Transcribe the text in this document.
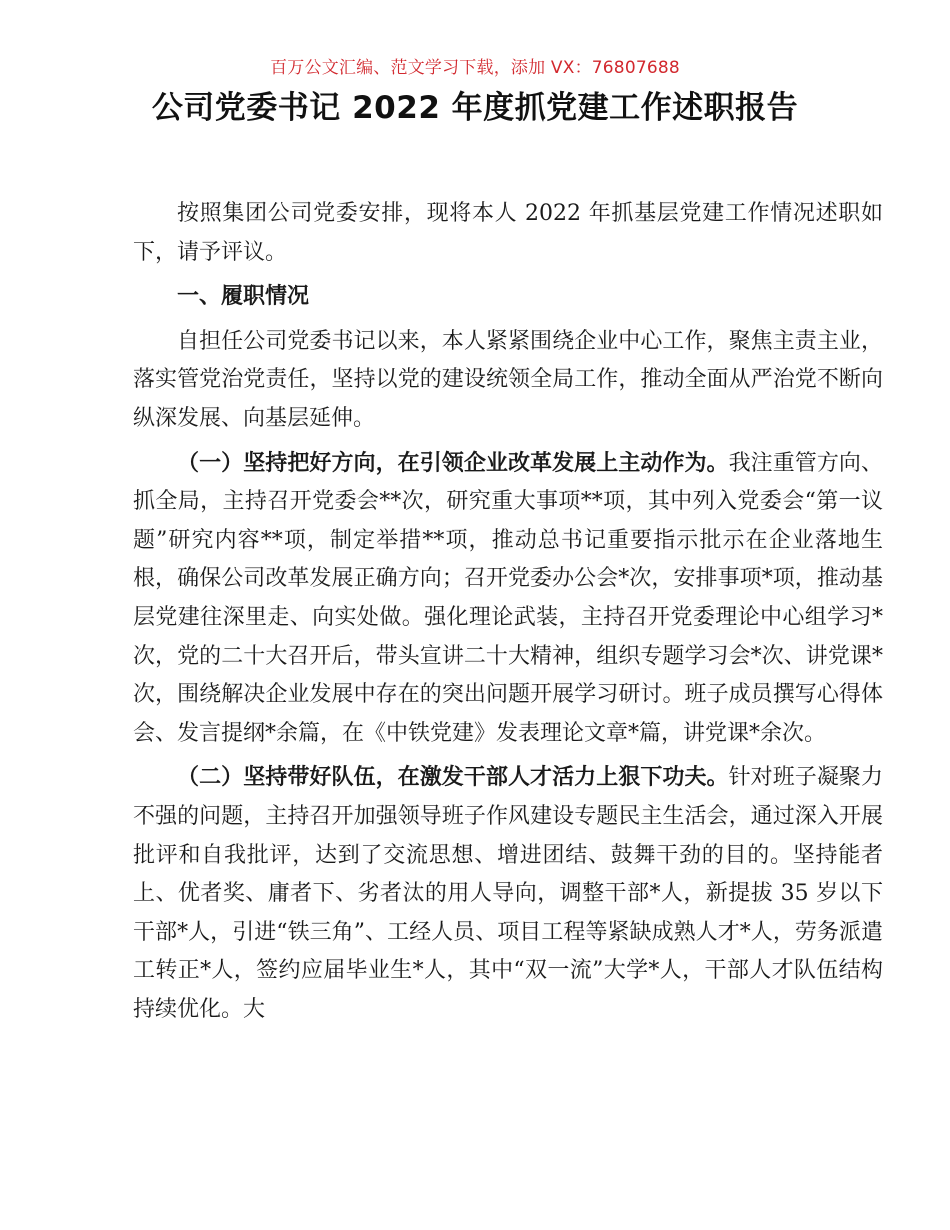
百万公文汇编、范文学习下载，添加 VX：76807688
公司党委书记 2022 年度抓党建工作述职报告

按照集团公司党委安排，现将本人 2022 年抓基层党建工作情况述职如下，请予评议。

一、履职情况

自担任公司党委书记以来，本人紧紧围绕企业中心工作，聚焦主责主业，落实管党治党责任，坚持以党的建设统领全局工作，推动全面从严治党不断向纵深发展、向基层延伸。

（一）坚持把好方向，在引领企业改革发展上主动作为。我注重管方向、抓全局，主持召开党委会**次，研究重大事项**项，其中列入党委会“第一议题”研究内容**项，制定举措**项，推动总书记重要指示批示在企业落地生根，确保公司改革发展正确方向；召开党委办公会*次，安排事项*项，推动基层党建往深里走、向实处做。强化理论武装，主持召开党委理论中心组学习*次，党的二十大召开后，带头宣讲二十大精神，组织专题学习会*次、讲党课*次，围绕解决企业发展中存在的突出问题开展学习研讨。班子成员撰写心得体会、发言提纲*余篇，在《中铁党建》发表理论文章*篇，讲党课*余次。

（二）坚持带好队伍，在激发干部人才活力上狠下功夫。针对班子凝聚力不强的问题，主持召开加强领导班子作风建设专题民主生活会，通过深入开展批评和自我批评，达到了交流思想、增进团结、鼓舞干劲的目的。坚持能者上、优者奖、庸者下、劣者汰的用人导向，调整干部*人，新提拔 35 岁以下干部*人，引进“铁三角”、工经人员、项目工程等紧缺成熟人才*人，劳务派遣工转正*人，签约应届毕业生*人，其中“双一流”大学*人，干部人才队伍结构持续优化。大
